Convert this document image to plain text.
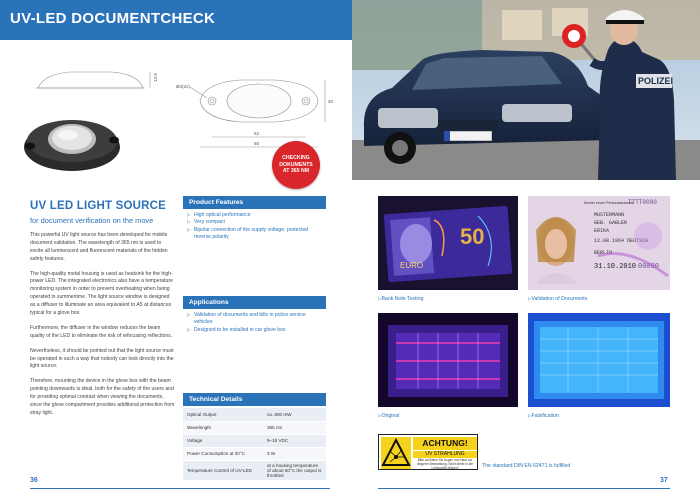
UV-LED DOCUMENTCHECK
13.9
Ø4(2x)
52
65
40
CHECKING
DOKUMENTS
AT 365 NM
POLIZEI
UV LED LIGHT SOURCE
for document verification on the move

This powerful UV light source has been developed for mobile document validation. The wavelength of 365 nm is used to excite all luminescent and fluorescent materials of the hidden safety features.

The high-quality metal housing is used as heatsink for the high-power LED. The integrated electronics also have a temperature monitoring system in order to prevent overheating when being operated in summertime. The light source window is designed as a diffuser to illuminate an area equivalent to A5 at distances typical for a glove box.

Furthermore, the diffuser in the window reduces the beam quality of the LED to eliminate the risk of refocusing reflections.

Nevertheless, it should be pointed out that the light source must be operated in such a way that nobody can look directly into the light source.

Therefore, mounting the device in the glove box with the beam pointing downwards is ideal, both for the safety of the users and for providing optimal contrast when viewing the documents, since the glove compartment provides additional protection from stray light.

Product Features
▷ High optical performance
▷ Very compact
▷ Bipolar connection of the supply voltage, protected reverse polarity
Applications
▷ Validation of documents and bills in police service vehicles
▷ Designed to be installed in car glove box
Technical Details
Optical Output	ca. 800 mW
Wavelength	365 nm
Voltage	9–15 VDC
Power Consumption at 20°C	3 W
Temperature Control of UV-LED	at a housing temperature of about 50°C the output is throttled
50
EURO
▷ Bank Note Testing
TTTT0000
Muster neuer Personalausweis
MUSTERMANN
GEB. GABLER
ERIKA
12.08.1964 DEUTSCH
BERLIN
31.10.2010 00000
▷ Validation of Documents
▷ Original	▷ Falsification
ACHTUNG!
UV STRAHLUNG
Bitte schützen Sie Augen und Haut vor längerer Bestrahlung. Nicht direkt in die Lichtquelle blicken!	The standard DIN EN 62471 is fulfilled
36	37
